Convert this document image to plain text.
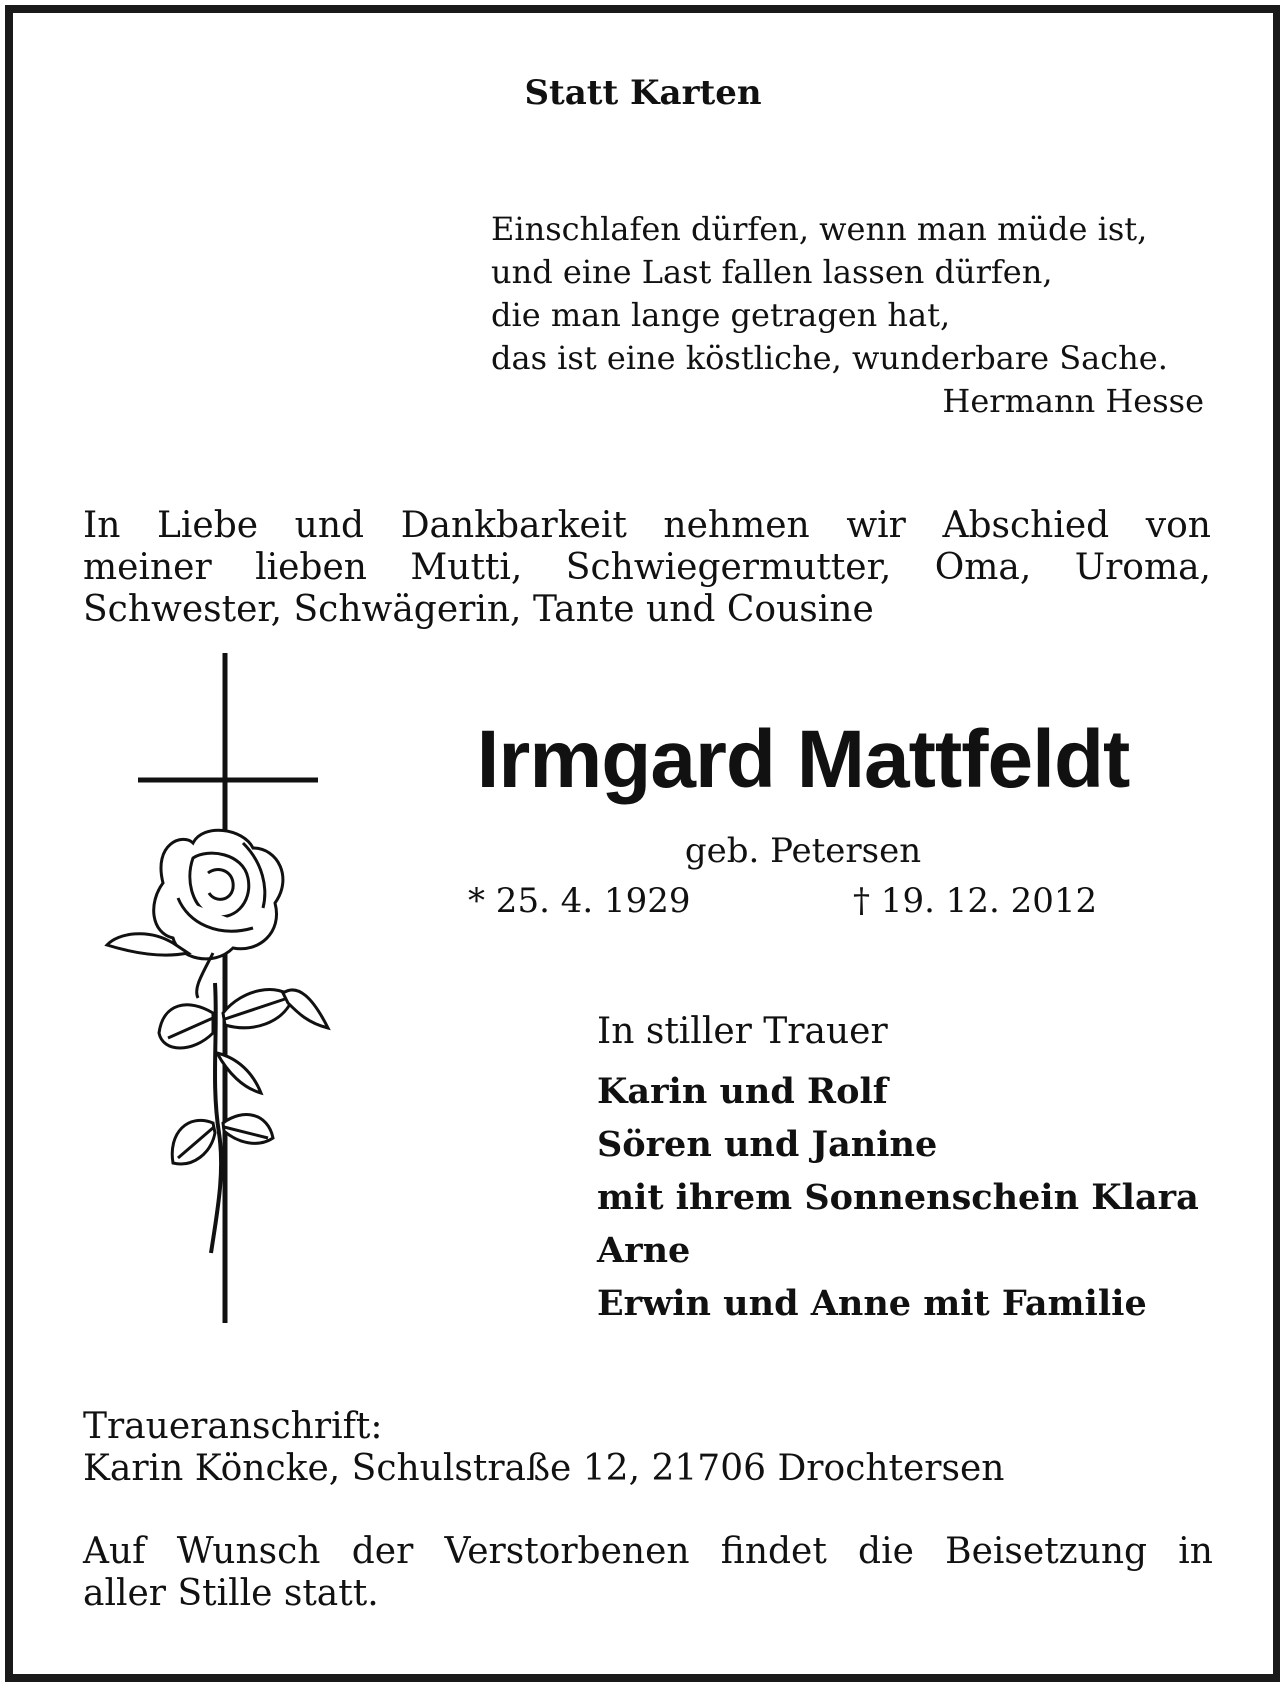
Statt Karten
Einschlafen dürfen, wenn man müde ist,
und eine Last fallen lassen dürfen,
die man lange getragen hat,
das ist eine köstliche, wunderbare Sache.
Hermann Hesse
In Liebe und Dankbarkeit nehmen wir Abschied von
meiner lieben Mutti, Schwiegermutter, Oma, Uroma,
Schwester, Schwägerin, Tante und Cousine
Irmgard Mattfeldt
geb. Petersen
* 25. 4. 1929	† 19. 12. 2012
In stiller Trauer
Karin und Rolf
Sören und Janine
mit ihrem Sonnenschein Klara
Arne
Erwin und Anne mit Familie
Traueranschrift:
Karin Köncke, Schulstraße 12, 21706 Drochtersen
Auf Wunsch der Verstorbenen findet die Beisetzung in
aller Stille statt.
